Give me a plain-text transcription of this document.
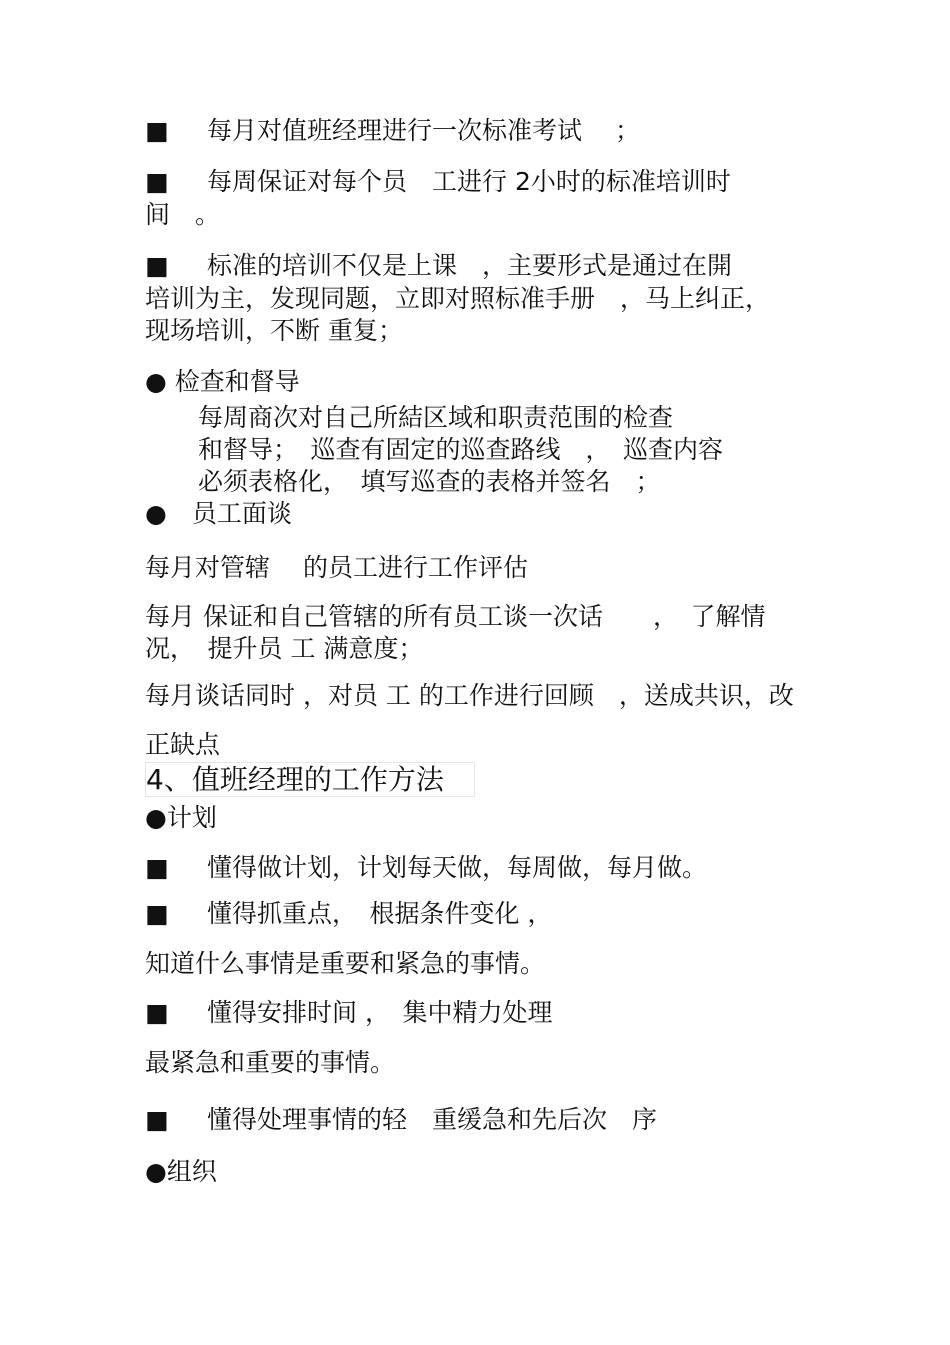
■ 每月对值班经理进行一次标准考试　 ；

■ 每周保证对每个员　工进行 2小时的标准培训时

间　。

■ 标准的培训不仅是上课　，主要形式是通过在開

培训为主，发现同题，立即对照标准手册　，马上纠正，

现场培训，不断 重复；

● 检查和督导

每周商次对自己所結区域和职责范围的检查

和督导；　巡查有固定的巡查路线　，　巡查内容

必须表格化，　填写巡查的表格并签名　；

●　 员工面谈

每月对管辖　 的员工进行工作评估

每月 保证和自己管辖的所有员工谈一次话　　，　了解情

况，　提升员 工 满意度；

每月谈话同时 ，对员 工 的工作进行回顾　，送成共识，改

正缺点

4、值班经理的工作方法

●计划

■ 懂得做计划，计划每天做，每周做，每月做。

■ 懂得抓重点，　根据条件变化 ，

知道什么事情是重要和紧急的事情。

■ 懂得安排时间 ，　集中精力处理

最紧急和重要的事情。

■ 懂得处理事情的轻　重缓急和先后次　序

●组织
